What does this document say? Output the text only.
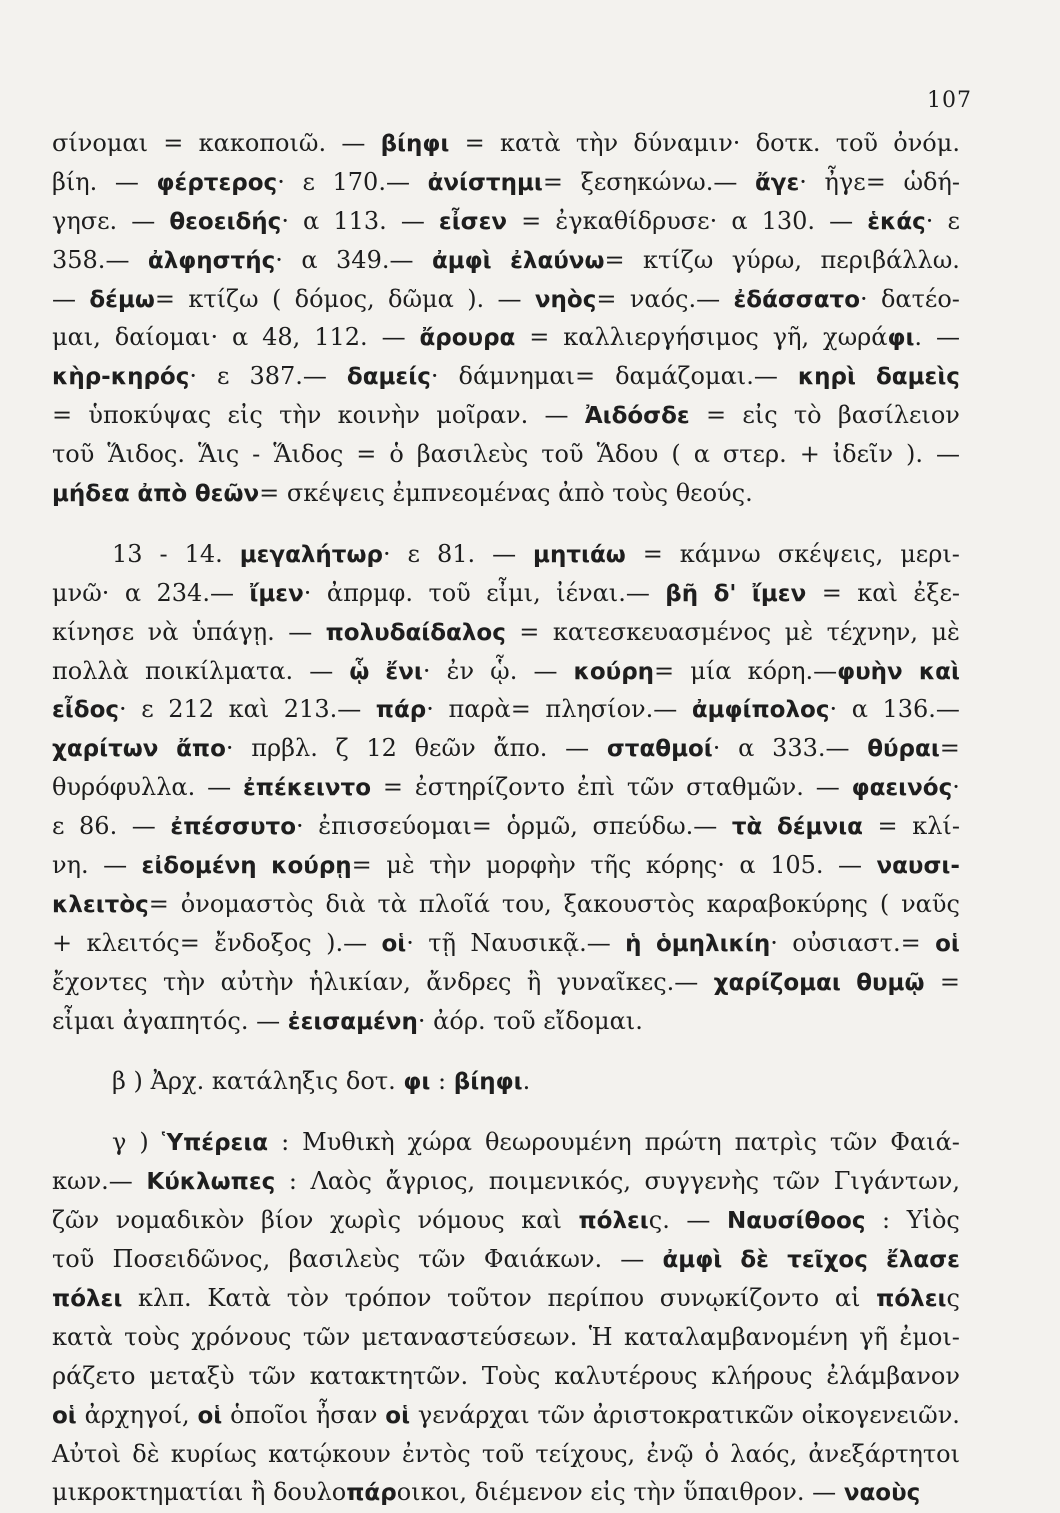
107
σίνομαι = κακοποιῶ. — βίηφι = κατὰ τὴν δύναμιν· δοτκ. τοῦ ὀνόμ.
βίη. — φέρτερος· ε 170.— ἀνίστημι= ξεσηκώνω.— ἄγε· ἦγε= ὡδή-
γησε. — θεοειδής· α 113. — εἶσεν = ἐγκαθίδρυσε· α 130. — ἑκάς· ε
358.— ἀλφηστής· α 349.— ἀμφὶ ἐλαύνω= κτίζω γύρω, περιβάλλω.
— δέμω= κτίζω ( δόμος, δῶμα ). — νηὸς= ναός.— ἐδάσσατο· δατέο-
μαι, δαίομαι· α 48, 112. — ἄρουρα = καλλιεργήσιμος γῆ, χωράφι. —
κὴρ-κηρός· ε 387.— δαμείς· δάμνημαι= δαμάζομαι.— κηρὶ δαμεὶς
= ὑποκύψας εἰς τὴν κοινὴν μοῖραν. — Ἀιδόσδε = εἰς τὸ βασίλειον
τοῦ Ἅιδος. Ἅις - Ἅιδος = ὁ βασιλεὺς τοῦ Ἅδου ( α στερ. + ἰδεῖν ). —
μήδεα ἀπὸ θεῶν= σκέψεις ἐμπνεομένας ἀπὸ τοὺς θεούς.
13 - 14. μεγαλήτωρ· ε 81. — μητιάω = κάμνω σκέψεις, μερι-
μνῶ· α 234.— ἴμεν· ἀπρμφ. τοῦ εἶμι, ἰέναι.— βῆ δ' ἴμεν = καὶ ἐξε-
κίνησε νὰ ὑπάγῃ. — πολυδαίδαλος = κατεσκευασμένος μὲ τέχνην, μὲ
πολλὰ ποικίλματα. — ᾧ ἔνι· ἐν ᾧ. — κούρη= μία κόρη.—φυὴν καὶ
εἶδος· ε 212 καὶ 213.— πάρ· παρὰ= πλησίον.— ἀμφίπολος· α 136.—
χαρίτων ἄπο· πρβλ. ζ 12 θεῶν ἄπο. — σταθμοί· α 333.— θύραι=
θυρόφυλλα. — ἐπέκειντο = ἐστηρίζοντο ἐπὶ τῶν σταθμῶν. — φαεινός·
ε 86. — ἐπέσσυτο· ἐπισσεύομαι= ὁρμῶ, σπεύδω.— τὰ δέμνια = κλί-
νη. — εἰδομένη κούρῃ= μὲ τὴν μορφὴν τῆς κόρης· α 105. — ναυσι-
κλειτὸς= ὀνομαστὸς διὰ τὰ πλοῖά του, ξακουστὸς καραβοκύρης ( ναῦς
+ κλειτός= ἔνδοξος ).— οἱ· τῇ Ναυσικᾷ.— ἡ ὁμηλικίη· οὐσιαστ.= οἱ
ἔχοντες τὴν αὐτὴν ἡλικίαν, ἄνδρες ἢ γυναῖκες.— χαρίζομαι θυμῷ =
εἶμαι ἀγαπητός. — ἐεισαμένη· ἀόρ. τοῦ εἴδομαι.
β ) Ἀρχ. κατάληξις δοτ. φι : βίηφι.
γ ) Ὑπέρεια : Μυθικὴ χώρα θεωρουμένη πρώτη πατρὶς τῶν Φαιά-
κων.— Κύκλωπες : Λαὸς ἄγριος, ποιμενικός, συγγενὴς τῶν Γιγάντων,
ζῶν νομαδικὸν βίον χωρὶς νόμους καὶ πόλεις. — Ναυσίθοος : Υἱὸς
τοῦ Ποσειδῶνος, βασιλεὺς τῶν Φαιάκων. — ἀμφὶ δὲ τεῖχος ἔλασε
πόλει κλπ. Κατὰ τὸν τρόπον τοῦτον περίπου συνῳκίζοντο αἱ πόλεις
κατὰ τοὺς χρόνους τῶν μεταναστεύσεων. Ἡ καταλαμβανομένη γῆ ἐμοι-
ράζετο μεταξὺ τῶν κατακτητῶν. Τοὺς καλυτέρους κλήρους ἐλάμβανον
οἱ ἀρχηγοί, οἱ ὁποῖοι ἦσαν οἱ γενάρχαι τῶν ἀριστοκρατικῶν οἰκογενειῶν.
Αὐτοὶ δὲ κυρίως κατῴκουν ἐντὸς τοῦ τείχους, ἐνῷ ὁ λαός, ἀνεξάρτητοι
μικροκτηματίαι ἢ δουλοπάροικοι, διέμενον εἰς τὴν ὕπαιθρον. — ναοὺς
